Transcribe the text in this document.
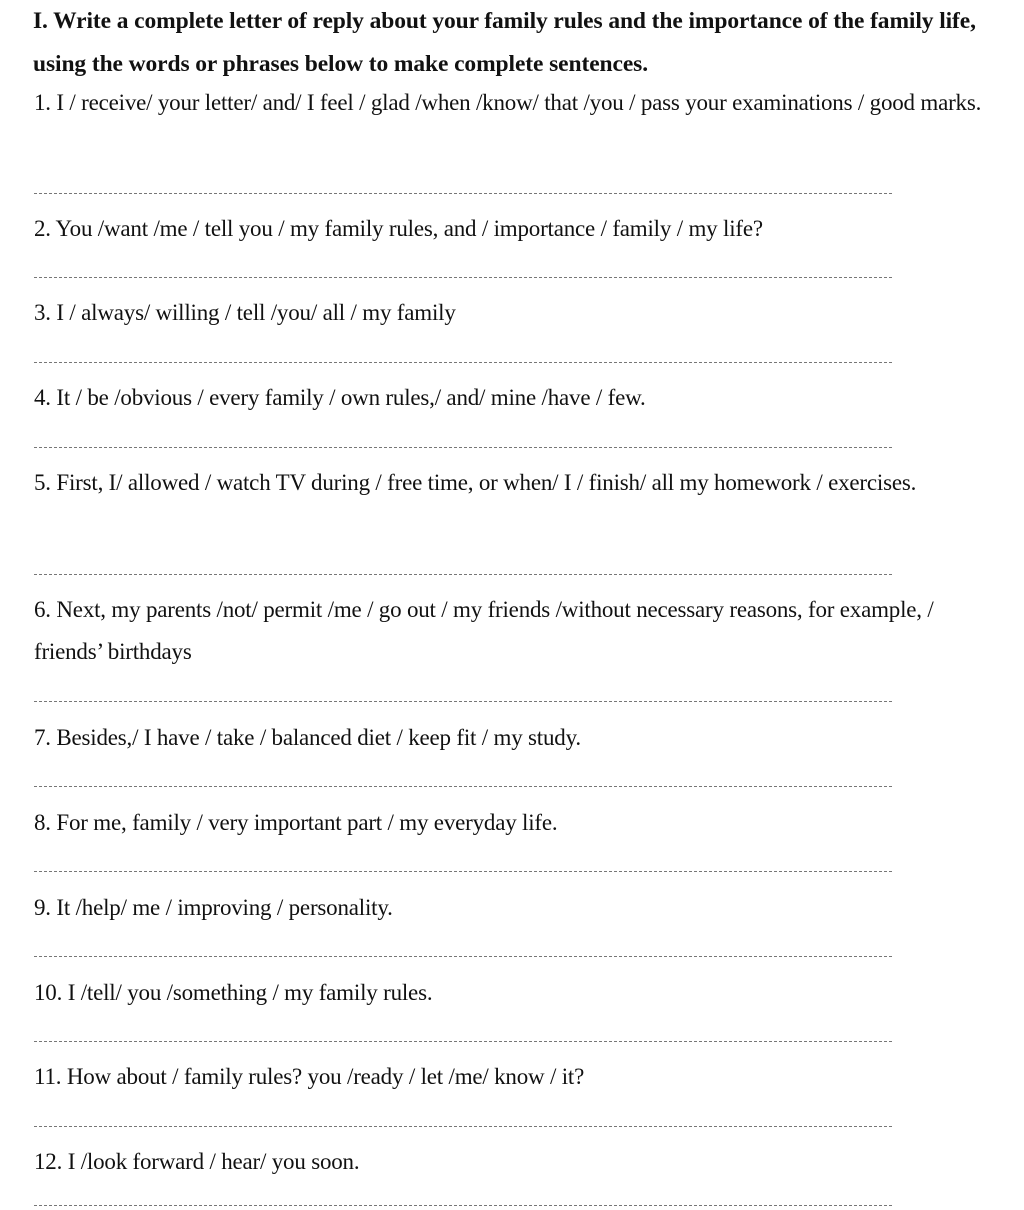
I. Write a complete letter of reply about your family rules and the importance of the family life, using the words or phrases below to make complete sentences.
1. I / receive/ your letter/ and/ I feel / glad /when /know/ that /you / pass your examinations / good marks.
2. You /want /me / tell you / my family rules, and / importance / family / my life?
3. I / always/ willing / tell /you/ all / my family
4. It / be /obvious / every family / own rules,/ and/ mine /have / few.
5. First, I/ allowed / watch TV during / free time, or when/ I / finish/ all my homework / exercises.
6. Next, my parents /not/ permit /me / go out / my friends /without necessary reasons, for example, / friends’ birthdays
7. Besides,/ I have / take / balanced diet / keep fit / my study.
8. For me, family / very important part / my everyday life.
9. It /help/ me / improving / personality.
10. I /tell/ you /something / my family rules.
11. How about / family rules? you /ready / let /me/ know / it?
12. I /look forward / hear/ you soon.
